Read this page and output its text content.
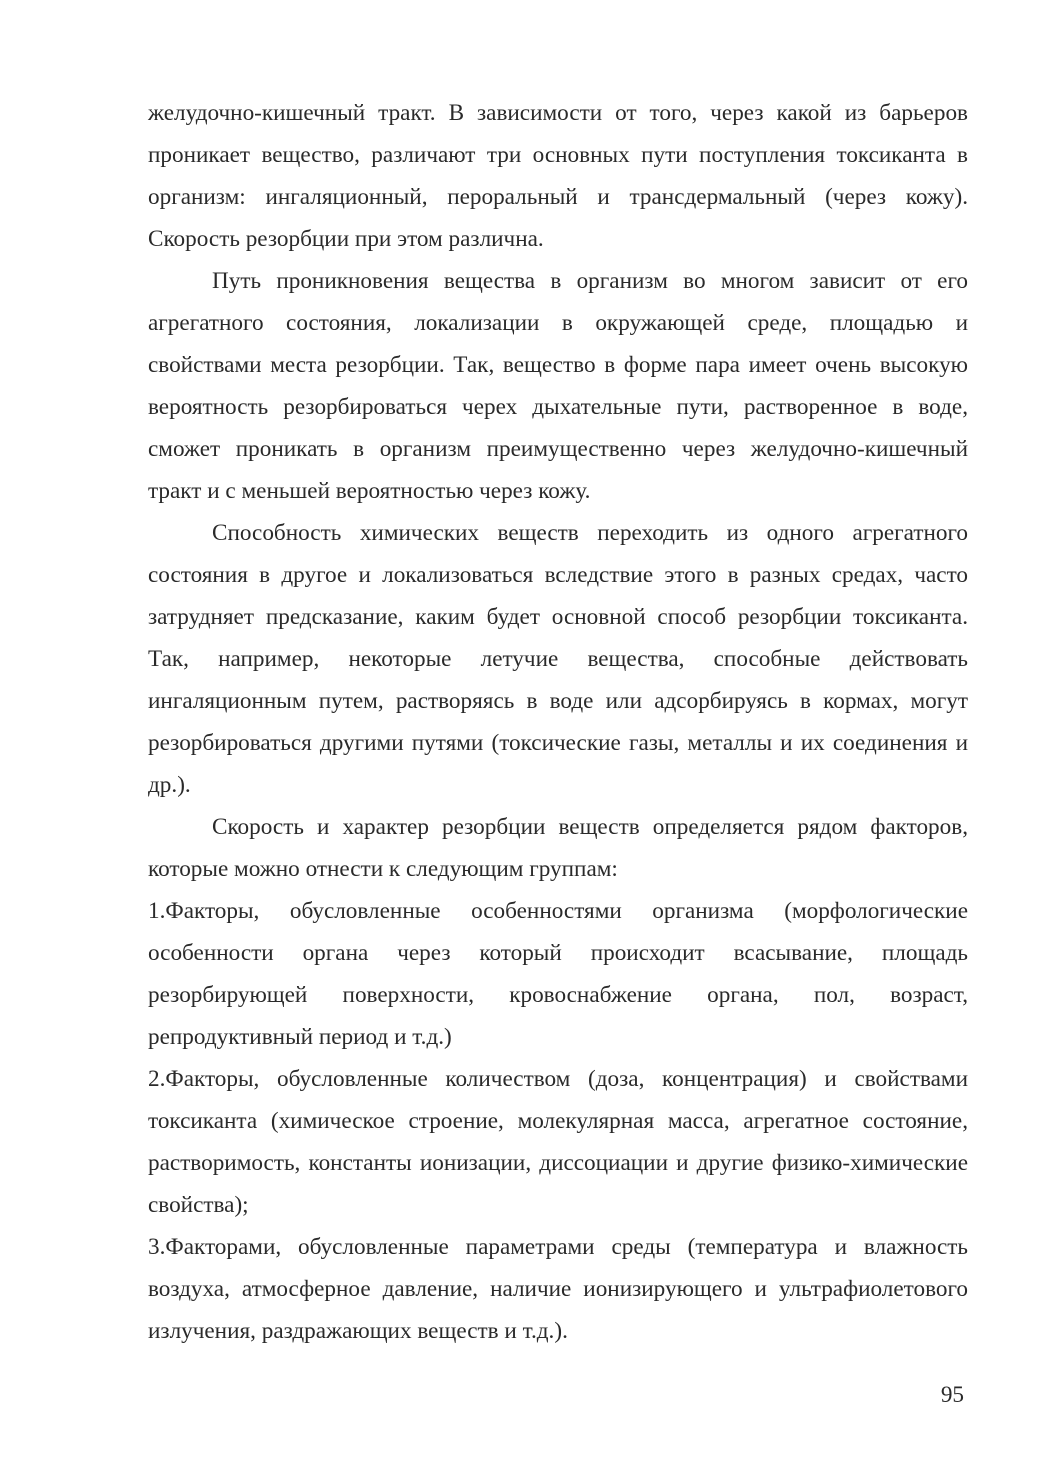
желудочно-кишечный тракт. В зависимости от того, через какой из барьеров проникает вещество, различают три основных пути поступления токсиканта в организм: ингаляционный, пероральный и трансдермальный (через кожу). Скорость резорбции при этом различна.

Путь проникновения вещества в организм во многом зависит от его агрегатного состояния, локализации в окружающей среде, площадью и свойствами места резорбции. Так, вещество в форме пара имеет очень высокую вероятность резорбироваться черех дыхательные пути, растворенное в воде, сможет проникать в организм преимущественно через желудочно-кишечный тракт и с меньшей вероятностью через кожу.

Способность химических веществ переходить из одного агрегатного состояния в другое и локализоваться вследствие этого в разных средах, часто затрудняет предсказание, каким будет основной способ резорбции токсиканта. Так, например, некоторые летучие вещества, способные действовать ингаляционным путем, растворяясь в воде или адсорбируясь в кормах, могут резорбироваться другими путями (токсические газы, металлы и их соединения и др.).

Скорость и характер резорбции веществ определяется рядом факторов, которые можно отнести к следующим группам:

1.Факторы, обусловленные особенностями организма (морфологические особенности органа через который происходит всасывание, площадь резорбирующей поверхности, кровоснабжение органа, пол, возраст, репродуктивный период и т.д.)

2.Факторы, обусловленные количеством (доза, концентрация) и свойствами токсиканта (химическое строение, молекулярная масса, агрегатное состояние, растворимость, константы ионизации, диссоциации и другие физико-химические свойства);

3.Факторами, обусловленные параметрами среды (температура и влажность воздуха, атмосферное давление, наличие ионизирующего и ультрафиолетового излучения, раздражающих веществ и т.д.).

95
